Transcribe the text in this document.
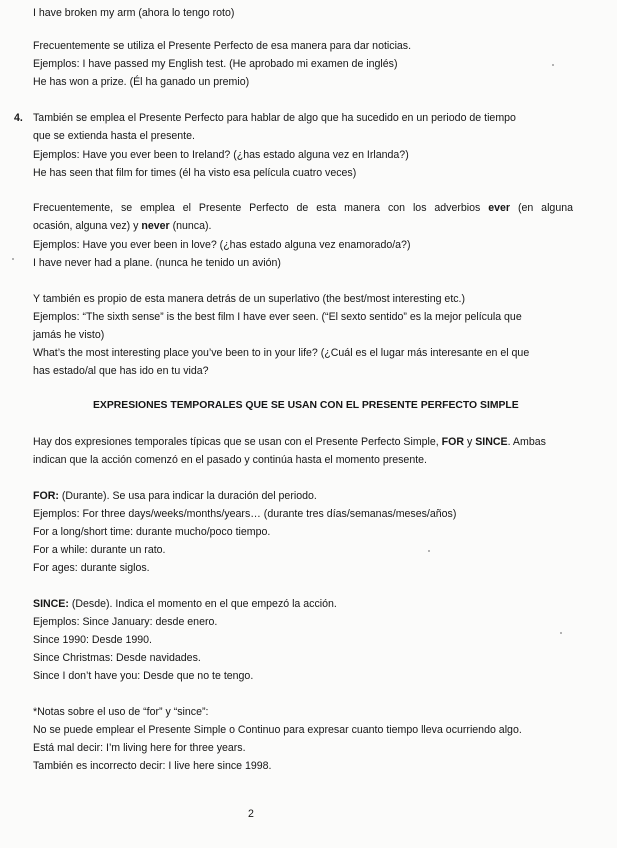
I have broken my arm (ahora lo tengo roto)
Frecuentemente se utiliza el Presente Perfecto de esa manera para dar noticias.
Ejemplos: I have passed my English test. (He aprobado mi examen de inglés)
He has won a prize. (Él ha ganado un premio)
4. También se emplea el Presente Perfecto para hablar de algo que ha sucedido en un periodo de tiempo
que se extienda hasta el presente.
Ejemplos: Have you ever been to Ireland? (¿has estado alguna vez en Irlanda?)
He has seen that film for times (él ha visto esa película cuatro veces)
Frecuentemente, se emplea el Presente Perfecto de esta manera con los adverbios ever (en alguna
ocasión, alguna vez) y never (nunca).
Ejemplos: Have you ever been in love? (¿has estado alguna vez enamorado/a?)
I have never had a plane. (nunca he tenido un avión)
Y también es propio de esta manera detrás de un superlativo (the best/most interesting etc.)
Ejemplos: “The sixth sense” is the best film I have ever seen. (“El sexto sentido” es la mejor película que
jamás he visto)
What’s the most interesting place you’ve been to in your life? (¿Cuál es el lugar más interesante en el que
has estado/al que has ido en tu vida?
EXPRESIONES TEMPORALES QUE SE USAN CON EL PRESENTE PERFECTO SIMPLE
Hay dos expresiones temporales típicas que se usan con el Presente Perfecto Simple, FOR y SINCE. Ambas
indican que la acción comenzó en el pasado y continúa hasta el momento presente.
FOR: (Durante). Se usa para indicar la duración del periodo.
Ejemplos: For three days/weeks/months/years… (durante tres días/semanas/meses/años)
For a long/short time: durante mucho/poco tiempo.
For a while: durante un rato.
For ages: durante siglos.
SINCE: (Desde). Indica el momento en el que empezó la acción.
Ejemplos: Since January: desde enero.
Since 1990: Desde 1990.
Since Christmas: Desde navidades.
Since I don’t have you: Desde que no te tengo.
*Notas sobre el uso de “for” y “since”:
No se puede emplear el Presente Simple o Continuo para expresar cuanto tiempo lleva ocurriendo algo.
Está mal decir: I’m living here for three years.
También es incorrecto decir: I live here since 1998.
2
